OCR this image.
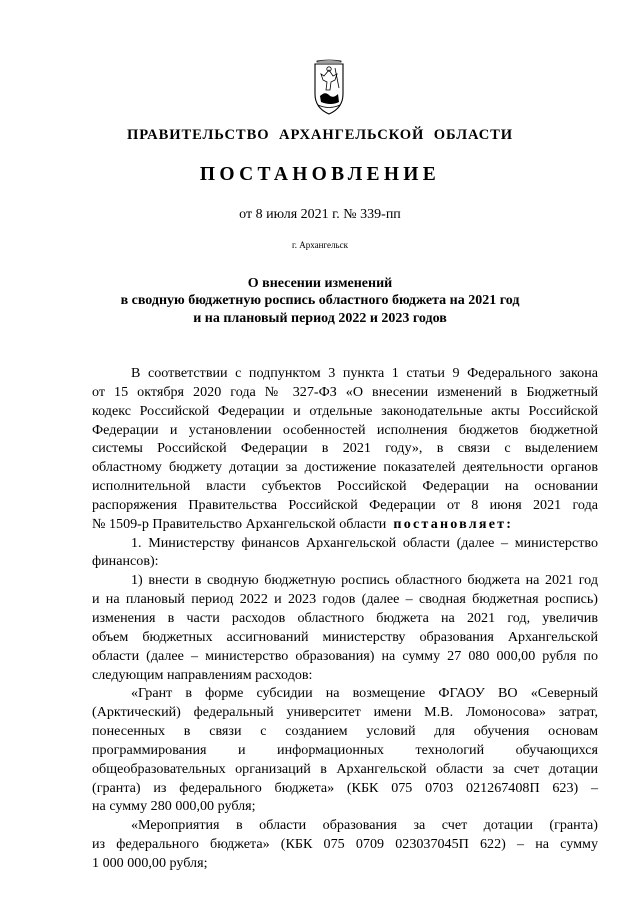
ПРАВИТЕЛЬСТВО АРХАНГЕЛЬСКОЙ ОБЛАСТИ
ПОСТАНОВЛЕНИЕ
от 8 июля 2021 г. № 339-пп
г. Архангельск
О внесении изменений
в сводную бюджетную роспись областного бюджета на 2021 год
и на плановый период 2022 и 2023 годов
В соответствии с подпунктом 3 пункта 1 статьи 9 Федерального закона
от 15 октября 2020 года № 327-ФЗ «О внесении изменений в Бюджетный
кодекс Российской Федерации и отдельные законодательные акты Российской
Федерации и установлении особенностей исполнения бюджетов бюджетной
системы Российской Федерации в 2021 году», в связи с выделением
областному бюджету дотации за достижение показателей деятельности органов
исполнительной власти субъектов Российской Федерации на основании
распоряжения Правительства Российской Федерации от 8 июня 2021 года
№ 1509-р Правительство Архангельской области постановляет:
1. Министерству финансов Архангельской области (далее – министерство
финансов):
1) внести в сводную бюджетную роспись областного бюджета на 2021 год
и на плановый период 2022 и 2023 годов (далее – сводная бюджетная роспись)
изменения в части расходов областного бюджета на 2021 год, увеличив
объем бюджетных ассигнований министерству образования Архангельской
области (далее – министерство образования) на сумму 27 080 000,00 рубля по
следующим направлениям расходов:
«Грант в форме субсидии на возмещение ФГАОУ ВО «Северный
(Арктический) федеральный университет имени М.В. Ломоносова» затрат,
понесенных в связи с созданием условий для обучения основам
программирования и информационных технологий обучающихся
общеобразовательных организаций в Архангельской области за счет дотации
(гранта) из федерального бюджета» (КБК 075 0703 021267408П 623) –
на сумму 280 000,00 рубля;
«Мероприятия в области образования за счет дотации (гранта)
из федерального бюджета» (КБК 075 0709 023037045П 622) – на сумму
1 000 000,00 рубля;
